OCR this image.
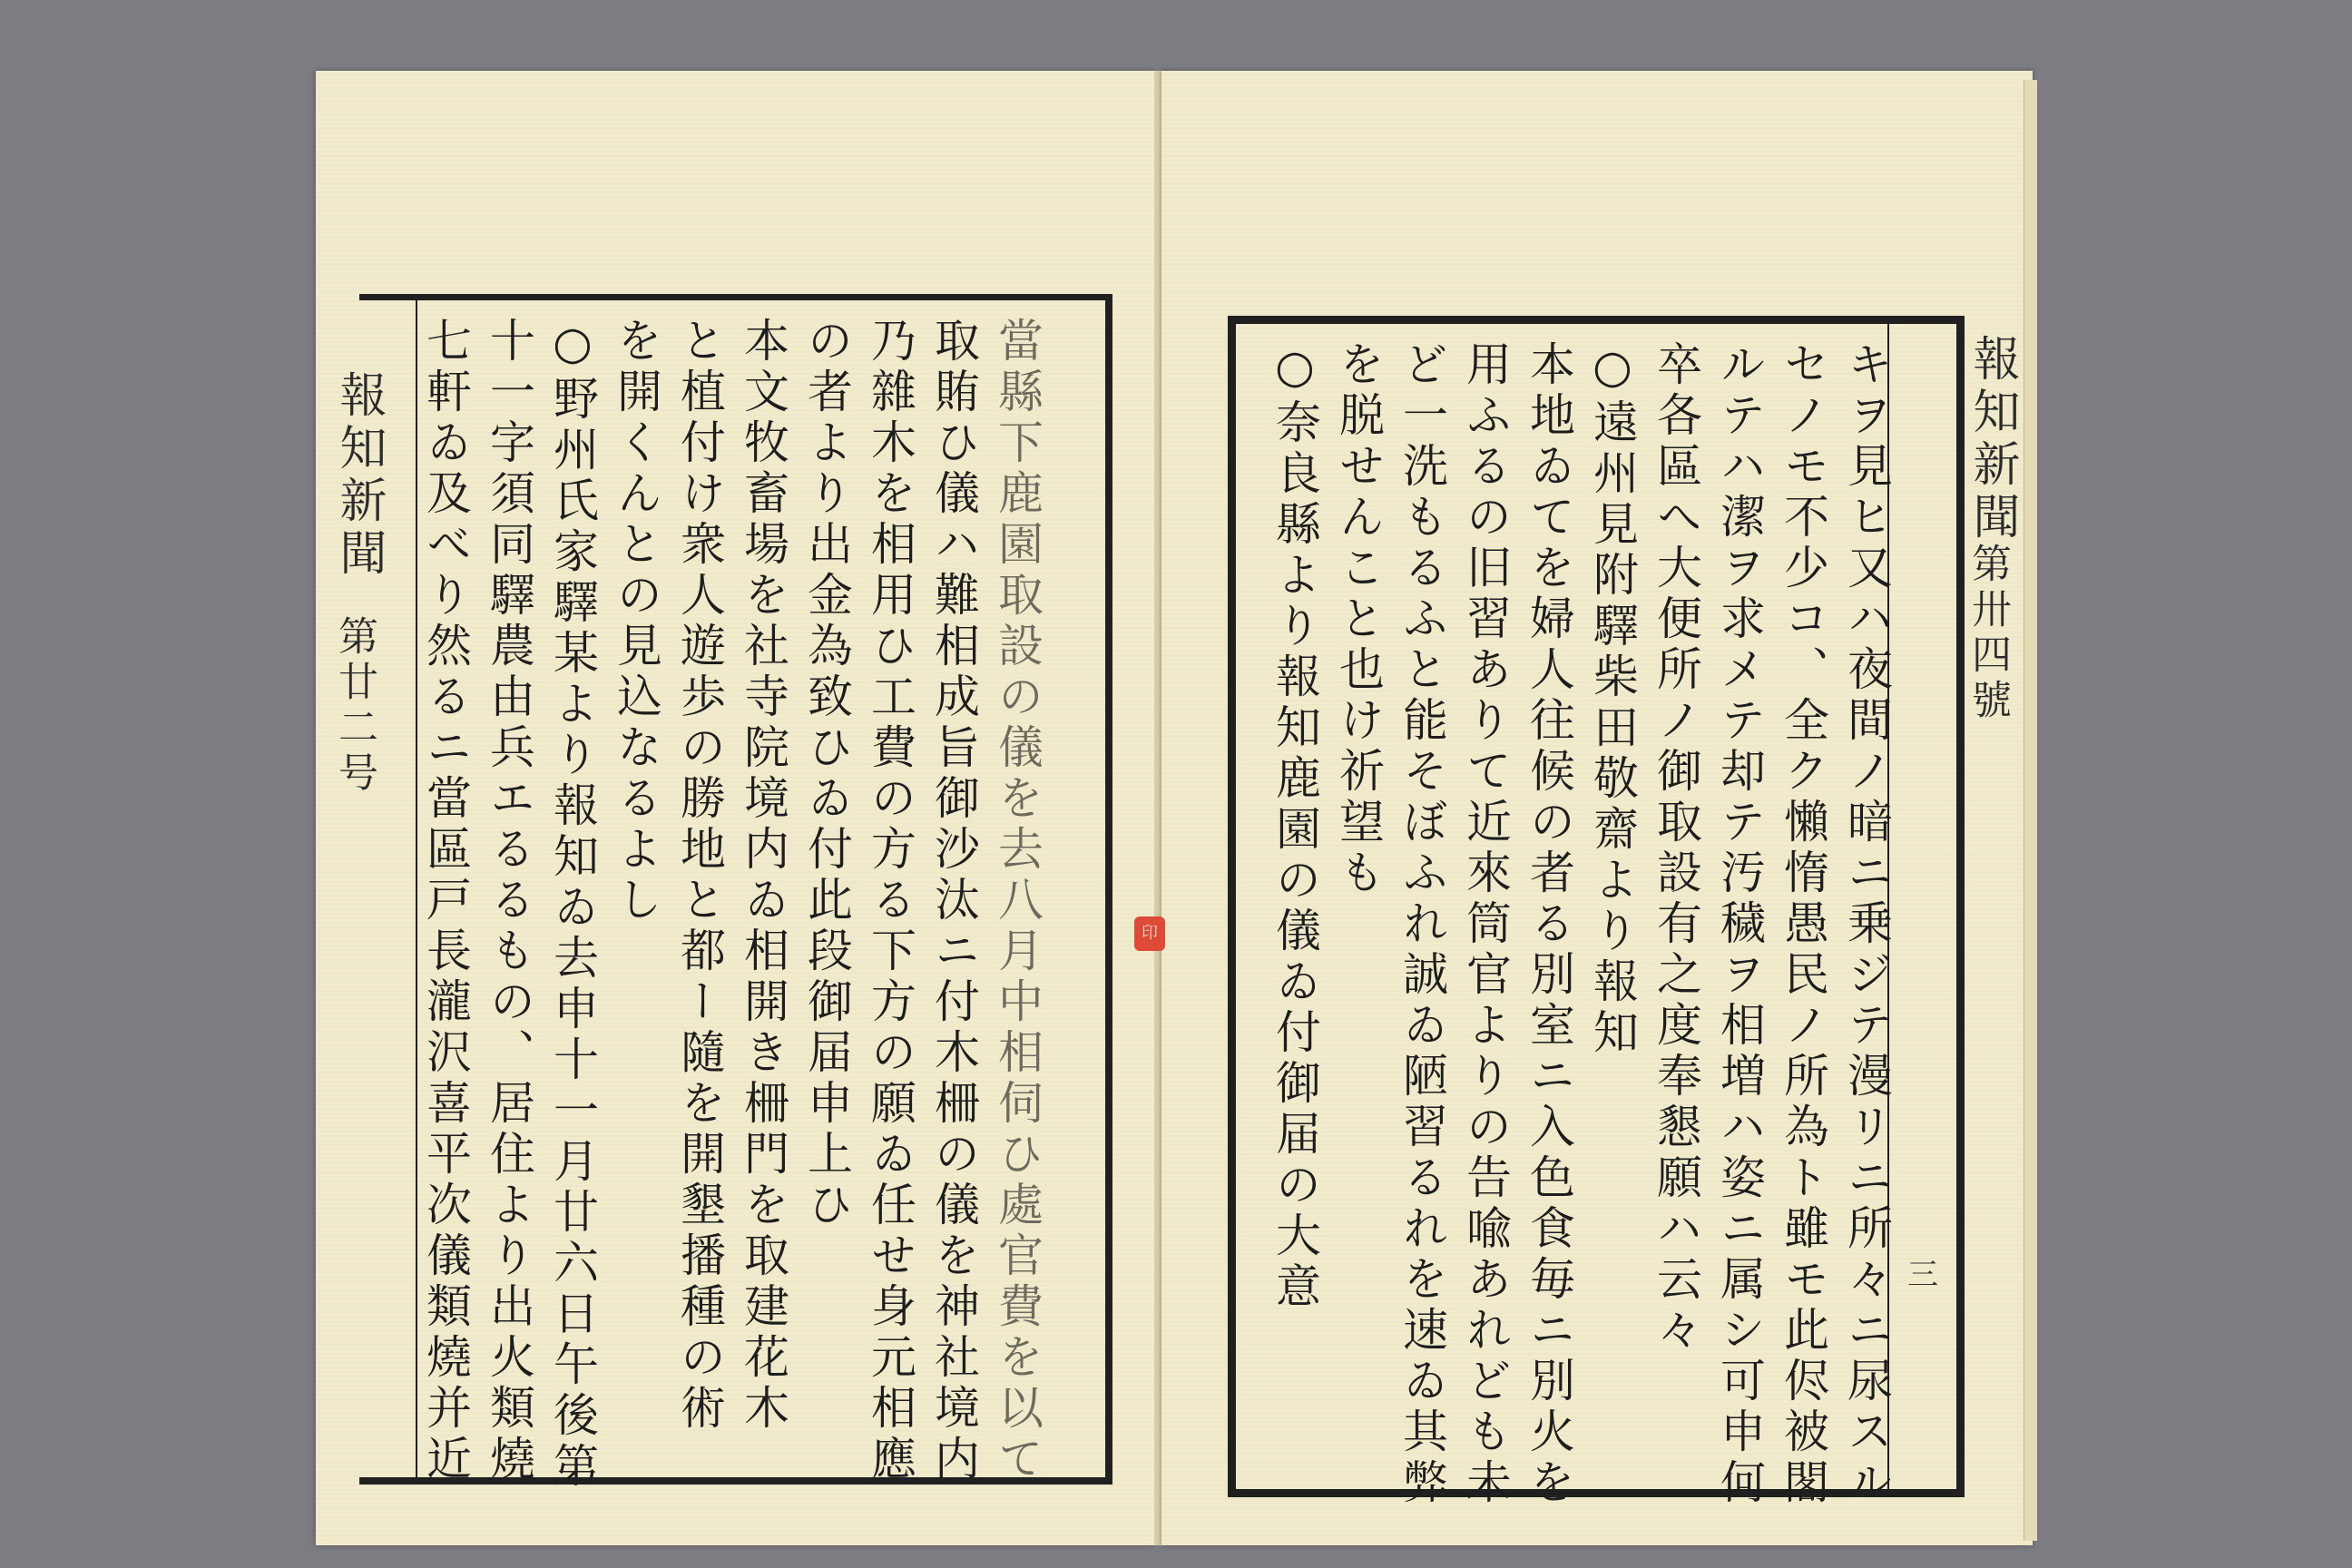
報知新聞
第廿二号	當縣下鹿園取設の儀を去八月中相伺ひ處官費を以て
取賄ひ儀ハ難相成旨御沙汰ニ付木柵の儀を神社境内
乃雜木を相用ひ工費の方る下方の願ゐ任せ身元相應
の者より出金為致ひゐ付此段御届申上ひ
本文牧畜場を社寺院境内ゐ相開き柵門を取建花木
と植付け衆人遊歩の勝地と都ー隨を開墾播種の術
を開くんとの見込なるよし
○野州氏家驛某より報知ゐ去申十一月廿六日午後第
十一字須同驛農由兵エるるもの、居住より出火類燒
七軒ゐ及べり然るニ當區戸長瀧沢喜平次儀類燒并近	報知新聞
第卅四號
キヲ見ヒ又ハ夜間ノ暗ニ乗ジテ漫リニ所々ニ尿スル
セノモ不少コ、全ク懶惰愚民ノ所為ト雖モ此侭被閣
ルテハ潔ヲ求メテ却テ汚穢ヲ相増ハ姿ニ属シ可申何
卒各區へ大便所ノ御取設有之度奉懇願ハ云々
○遠州見附驛柴田敬齋より報知
本地ゐてを婦人往候の者る別室ニ入色食毎ニ別火を
用ふるの旧習ありて近來筒官よりの告喩あれども未
ど一洗もるふと能そぼふれ誠ゐ陋習るれを速ゐ其弊
を脱せんこと也け祈望も
○奈良縣より報知鹿園の儀ゐ付御届の大意	三
印
